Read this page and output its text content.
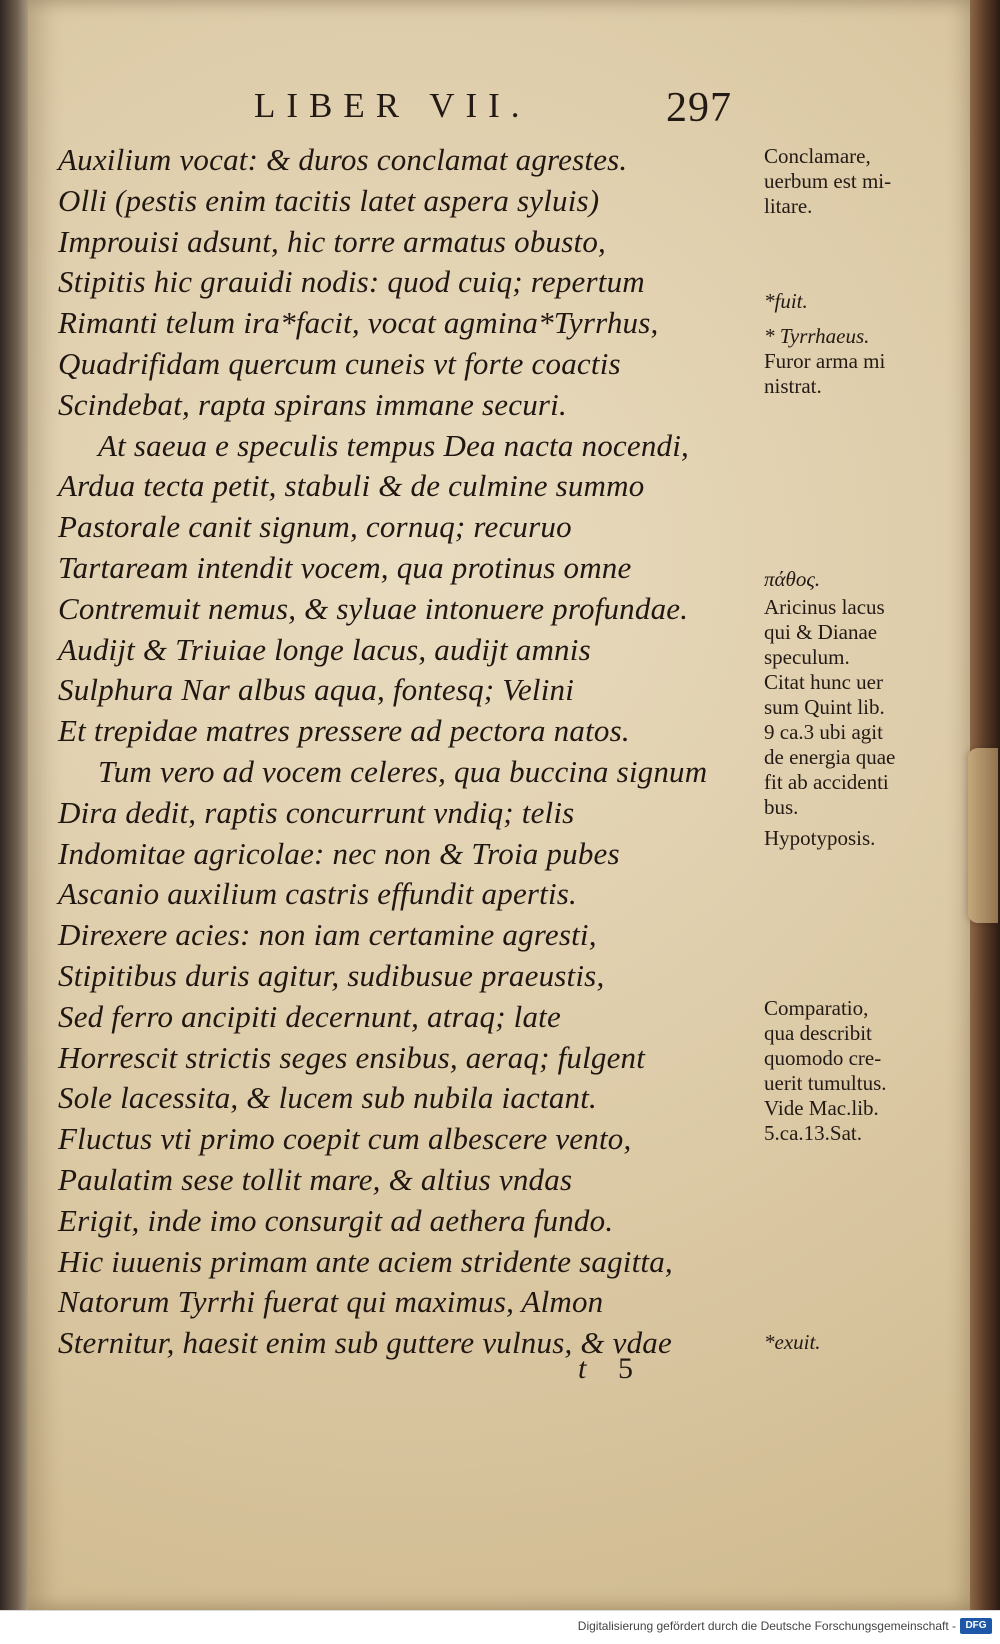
LIBER VII.	297
Auxilium vocat: & duros conclamat agrestes.
Olli (pestis enim tacitis latet aspera syluis)
Improuisi adsunt, hic torre armatus obusto,
Stipitis hic grauidi nodis: quod cuiq; repertum
Rimanti telum ira*facit, vocat agmina*Tyrrhus,
Quadrifidam quercum cuneis vt forte coactis
Scindebat, rapta spirans immane securi.
At saeua e speculis tempus Dea nacta nocendi,
Ardua tecta petit, stabuli & de culmine summo
Pastorale canit signum, cornuq; recuruo
Tartaream intendit vocem, qua protinus omne
Contremuit nemus, & syluae intonuere profundae.
Audijt & Triuiae longe lacus, audijt amnis
Sulphura Nar albus aqua, fontesq; Velini
Et trepidae matres pressere ad pectora natos.
Tum vero ad vocem celeres, qua buccina signum
Dira dedit, raptis concurrunt vndiq; telis
Indomitae agricolae: nec non & Troia pubes
Ascanio auxilium castris effundit apertis.
Direxere acies: non iam certamine agresti,
Stipitibus duris agitur, sudibusue praeustis,
Sed ferro ancipiti decernunt, atraq; late
Horrescit strictis seges ensibus, aeraq; fulgent
Sole lacessita, & lucem sub nubila iactant.
Fluctus vti primo coepit cum albescere vento,
Paulatim sese tollit mare, & altius vndas
Erigit, inde imo consurgit ad aethera fundo.
Hic iuuenis primam ante aciem stridente sagitta,
Natorum Tyrrhi fuerat qui maximus, Almon
Sternitur, haesit enim sub guttere vulnus, & vdae
Conclamare,
uerbum est mi-
litare.
*fuit.
* Tyrrhaeus.
Furor arma mi
nistrat.
πάθος.
Aricinus lacus
qui & Dianae
speculum.
Citat hunc uer
sum Quint lib.
9 ca.3 ubi agit
de energia quae
fit ab accidenti
bus.
Hypotyposis.
Comparatio,
qua describit
quomodo cre-
uerit tumultus.
Vide Mac.lib.
5.ca.13.Sat.
*exuit.
t 5
Digitalisierung gefördert durch die Deutsche Forschungsgemeinschaft - DFG
